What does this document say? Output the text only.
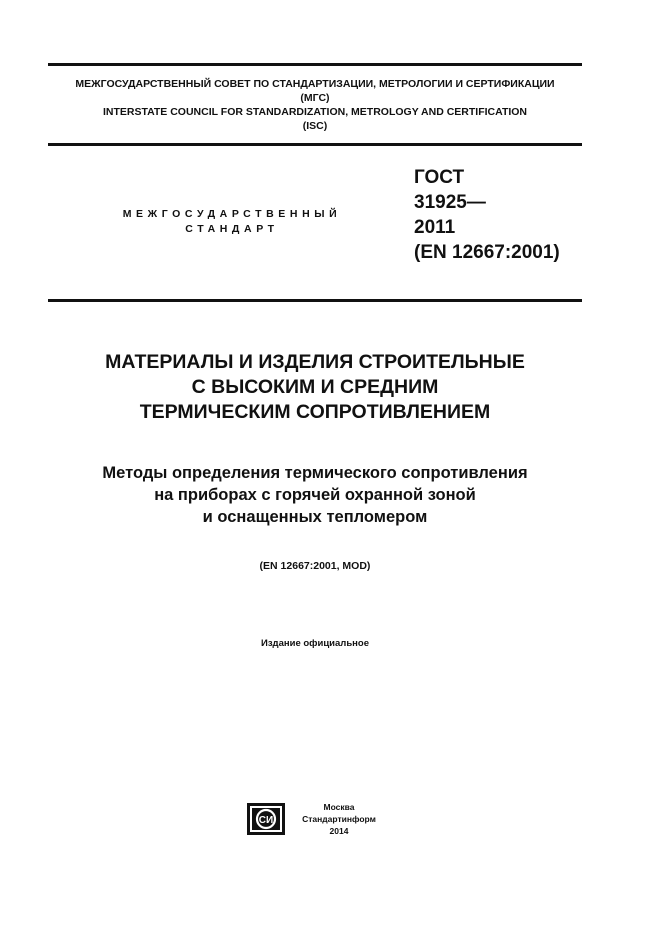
МЕЖГОСУДАРСТВЕННЫЙ СОВЕТ ПО СТАНДАРТИЗАЦИИ, МЕТРОЛОГИИ И СЕРТИФИКАЦИИ
(МГС)
INTERSTATE COUNCIL FOR STANDARDIZATION, METROLOGY AND CERTIFICATION
(ISC)
МЕЖГОСУДАРСТВЕННЫЙ
СТАНДАРТ
ГОСТ
31925—
2011
(EN 12667:2001)
МАТЕРИАЛЫ И ИЗДЕЛИЯ СТРОИТЕЛЬНЫЕ
С ВЫСОКИМ И СРЕДНИМ
ТЕРМИЧЕСКИМ СОПРОТИВЛЕНИЕМ
Методы определения термического сопротивления
на приборах с горячей охранной зоной
и оснащенных тепломером
(EN 12667:2001, MOD)
Издание официальное
СИ
Москва
Стандартинформ
2014
